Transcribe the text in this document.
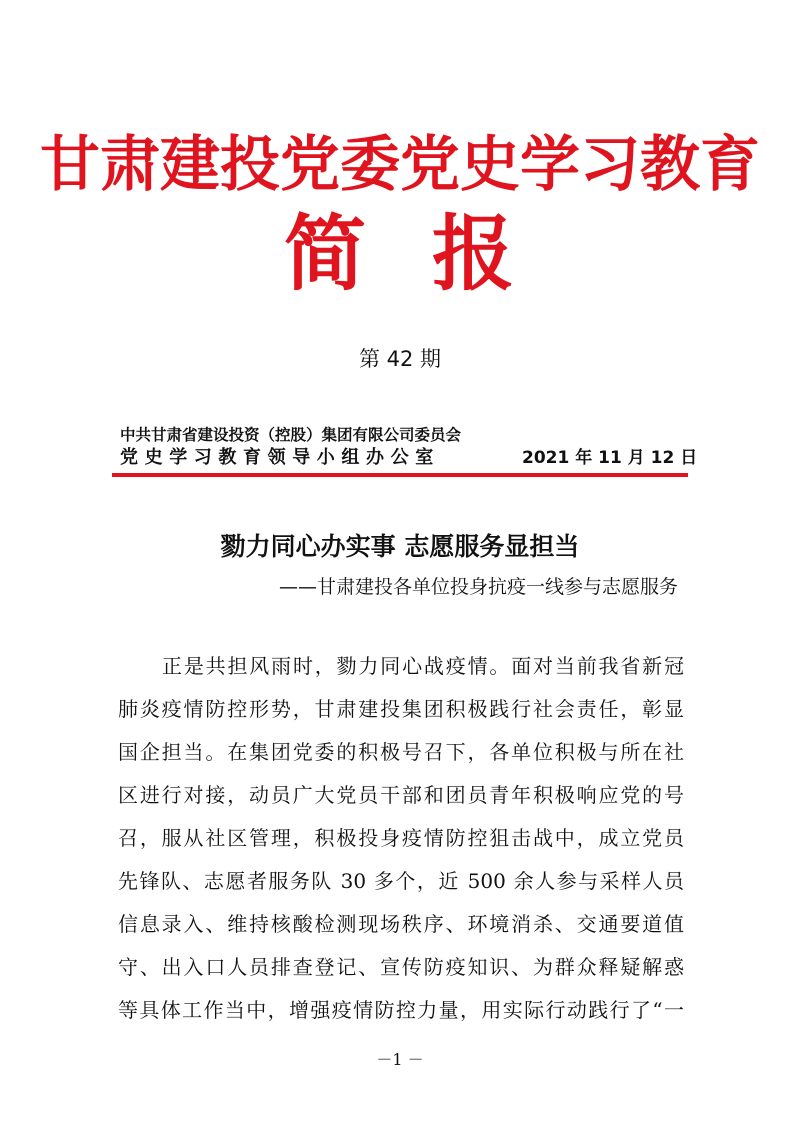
甘肃建投党委党史学习教育
简 报
第 42 期
中共甘肃省建设投资（控股）集团有限公司委员会
党史学习教育领导小组办公室	2021 年 11 月 12 日
勠力同心办实事 志愿服务显担当
——甘肃建投各单位投身抗疫一线参与志愿服务
正是共担风雨时，勠力同心战疫情。面对当前我省新冠
肺炎疫情防控形势，甘肃建投集团积极践行社会责任，彰显
国企担当。在集团党委的积极号召下，各单位积极与所在社
区进行对接，动员广大党员干部和团员青年积极响应党的号
召，服从社区管理，积极投身疫情防控狙击战中，成立党员
先锋队、志愿者服务队 30 多个，近 500 余人参与采样人员
信息录入、维持核酸检测现场秩序、环境消杀、交通要道值
守、出入口人员排查登记、宣传防疫知识、为群众释疑解惑
等具体工作当中，增强疫情防控力量，用实际行动践行了“一
－1 －
